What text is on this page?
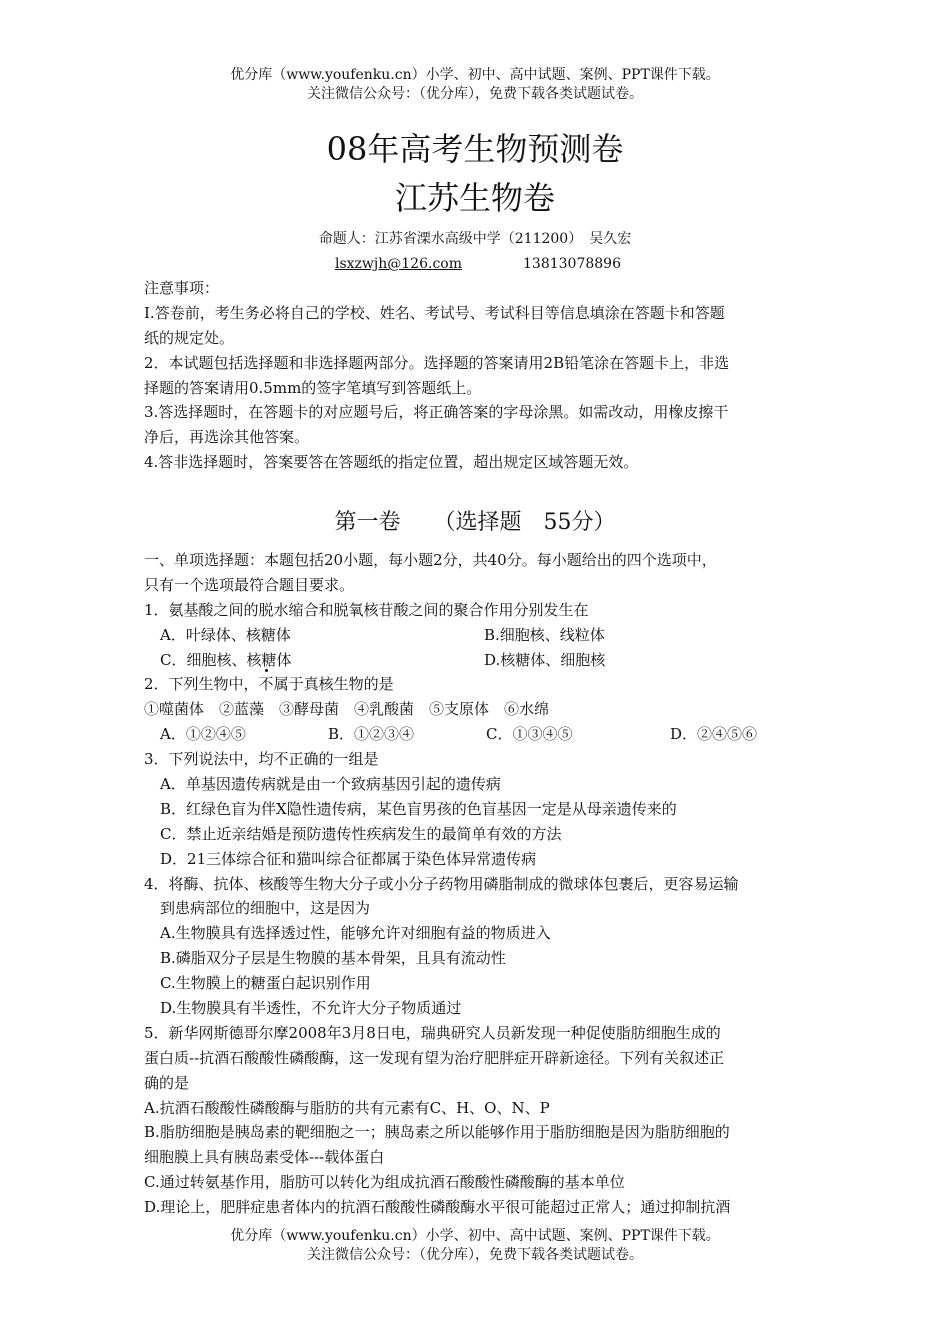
优分库（www.youfenku.cn）小学、初中、高中试题、案例、PPT课件下载。
关注微信公众号：（优分库），免费下载各类试题试卷。
08年高考生物预测卷
江苏生物卷
命题人：江苏省溧水高级中学（211200）　吴久宏
lsxzwjh@126.com	13813078896
注意事项：
I.答卷前，考生务必将自己的学校、姓名、考试号、考试科目等信息填涂在答题卡和答题
纸的规定处。
2．本试题包括选择题和非选择题两部分。选择题的答案请用2B铅笔涂在答题卡上，非选
择题的答案请用0.5mm的签字笔填写到答题纸上。
3.答选择题时，在答题卡的对应题号后，将正确答案的字母涂黑。如需改动，用橡皮擦干
净后，再选涂其他答案。
4.答非选择题时，答案要答在答题纸的指定位置，超出规定区域答题无效。
第一卷　　（选择题　55分）
一、单项选择题：本题包括20小题，每小题2分，共40分。每小题给出的四个选项中，
只有一个选项最符合题目要求。
1．氨基酸之间的脱水缩合和脱氧核苷酸之间的聚合作用分别发生在
A．叶绿体、核糖体	B.细胞核、线粒体
C．细胞核、核糖体	D.核糖体、细胞核
2．下列生物中，不属于真核生物的是
①噬菌体　②蓝藻　③酵母菌　④乳酸菌　⑤支原体　⑥水绵
A．①②④⑤	B．①②③④	C．①③④⑤	D．②④⑤⑥
3．下列说法中，均不正确的一组是
A．单基因遗传病就是由一个致病基因引起的遗传病
B．红绿色盲为伴X隐性遗传病，某色盲男孩的色盲基因一定是从母亲遗传来的
C．禁止近亲结婚是预防遗传性疾病发生的最简单有效的方法
D．21三体综合征和猫叫综合征都属于染色体异常遗传病
4．将酶、抗体、核酸等生物大分子或小分子药物用磷脂制成的微球体包裹后，更容易运输
到患病部位的细胞中，这是因为
A.生物膜具有选择透过性，能够允许对细胞有益的物质进入
B.磷脂双分子层是生物膜的基本骨架，且具有流动性
C.生物膜上的糖蛋白起识别作用
D.生物膜具有半透性，不允许大分子物质通过
5．新华网斯德哥尔摩2008年3月8日电，瑞典研究人员新发现一种促使脂肪细胞生成的
蛋白质--抗酒石酸酸性磷酸酶，这一发现有望为治疗肥胖症开辟新途径。下列有关叙述正
确的是
A.抗酒石酸酸性磷酸酶与脂肪的共有元素有C、H、O、N、P
B.脂肪细胞是胰岛素的靶细胞之一；胰岛素之所以能够作用于脂肪细胞是因为脂肪细胞的
细胞膜上具有胰岛素受体---载体蛋白
C.通过转氨基作用，脂肪可以转化为组成抗酒石酸酸性磷酸酶的基本单位
D.理论上，肥胖症患者体内的抗酒石酸酸性磷酸酶水平很可能超过正常人；通过抑制抗酒
优分库（www.youfenku.cn）小学、初中、高中试题、案例、PPT课件下载。
关注微信公众号：（优分库），免费下载各类试题试卷。
